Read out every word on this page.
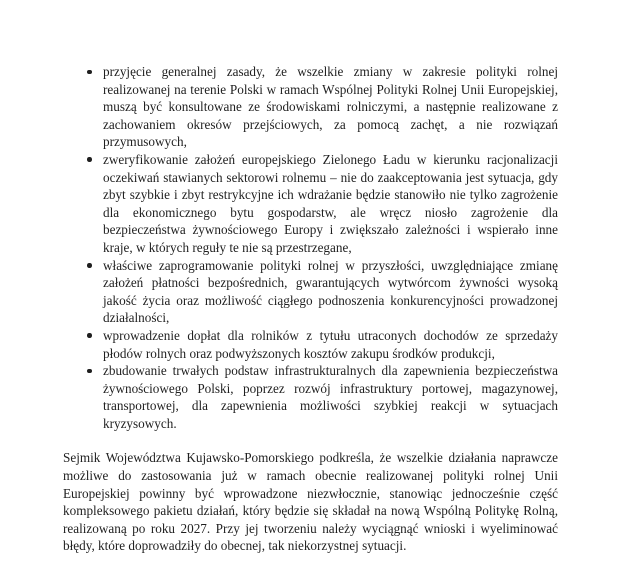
przyjęcie generalnej zasady, że wszelkie zmiany w zakresie polityki rolnej realizowanej na terenie Polski w ramach Wspólnej Polityki Rolnej Unii Europejskiej, muszą być konsultowane ze środowiskami rolniczymi, a następnie realizowane z zachowaniem okresów przejściowych, za pomocą zachęt, a nie rozwiązań przymusowych,
zweryfikowanie założeń europejskiego Zielonego Ładu w kierunku racjonalizacji oczekiwań stawianych sektorowi rolnemu – nie do zaakceptowania jest sytuacja, gdy zbyt szybkie i zbyt restrykcyjne ich wdrażanie będzie stanowiło nie tylko zagrożenie dla ekonomicznego bytu gospodarstw, ale wręcz niosło zagrożenie dla bezpieczeństwa żywnościowego Europy i zwiększało zależności i wspierało inne kraje, w których reguły te nie są przestrzegane,
właściwe zaprogramowanie polityki rolnej w przyszłości, uwzględniające zmianę założeń płatności bezpośrednich, gwarantujących wytwórcom żywności wysoką jakość życia oraz możliwość ciągłego podnoszenia konkurencyjności prowadzonej działalności,
wprowadzenie dopłat dla rolników z tytułu utraconych dochodów ze sprzedaży płodów rolnych oraz podwyższonych kosztów zakupu środków produkcji,
zbudowanie trwałych podstaw infrastrukturalnych dla zapewnienia bezpieczeństwa żywnościowego Polski, poprzez rozwój infrastruktury portowej, magazynowej, transportowej, dla zapewnienia możliwości szybkiej reakcji w sytuacjach kryzysowych.

Sejmik Województwa Kujawsko-Pomorskiego podkreśla, że wszelkie działania naprawcze możliwe do zastosowania już w ramach obecnie realizowanej polityki rolnej Unii Europejskiej powinny być wprowadzone niezwłocznie, stanowiąc jednocześnie część kompleksowego pakietu działań, który będzie się składał na nową Wspólną Politykę Rolną, realizowaną po roku 2027. Przy jej tworzeniu należy wyciągnąć wnioski i wyeliminować błędy, które doprowadziły do obecnej, tak niekorzystnej sytuacji.
